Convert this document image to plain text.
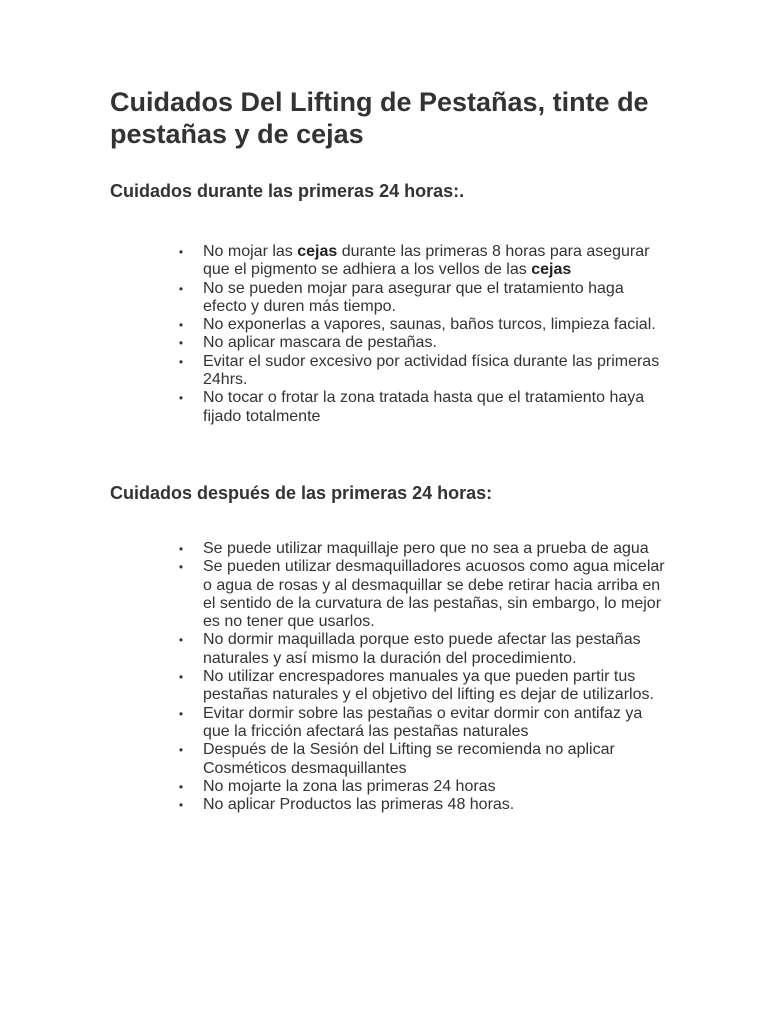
Cuidados Del Lifting de Pestañas, tinte de pestañas y de cejas
Cuidados durante las primeras 24 horas:.
• No mojar las cejas durante las primeras 8 horas para asegurar que el pigmento se adhiera a los vellos de las cejas
• No se pueden mojar para asegurar que el tratamiento haga efecto y duren más tiempo.
• No exponerlas a vapores, saunas, baños turcos, limpieza facial.
• No aplicar mascara de pestañas.
• Evitar el sudor excesivo por actividad física durante las primeras 24hrs.
• No tocar o frotar la zona tratada hasta que el tratamiento haya fijado totalmente
Cuidados después de las primeras 24 horas:
• Se puede utilizar maquillaje pero que no sea a prueba de agua
• Se pueden utilizar desmaquilladores acuosos como agua micelar o agua de rosas y al desmaquillar se debe retirar hacia arriba en el sentido de la curvatura de las pestañas, sin embargo, lo mejor es no tener que usarlos.
• No dormir maquillada porque esto puede afectar las pestañas naturales y así mismo la duración del procedimiento.
• No utilizar encrespadores manuales ya que pueden partir tus pestañas naturales y el objetivo del lifting es dejar de utilizarlos.
• Evitar dormir sobre las pestañas o evitar dormir con antifaz ya que la fricción afectará las pestañas naturales
• Después de la Sesión del Lifting se recomienda no aplicar Cosméticos desmaquillantes
• No mojarte la zona las primeras 24 horas
• No aplicar Productos las primeras 48 horas.
